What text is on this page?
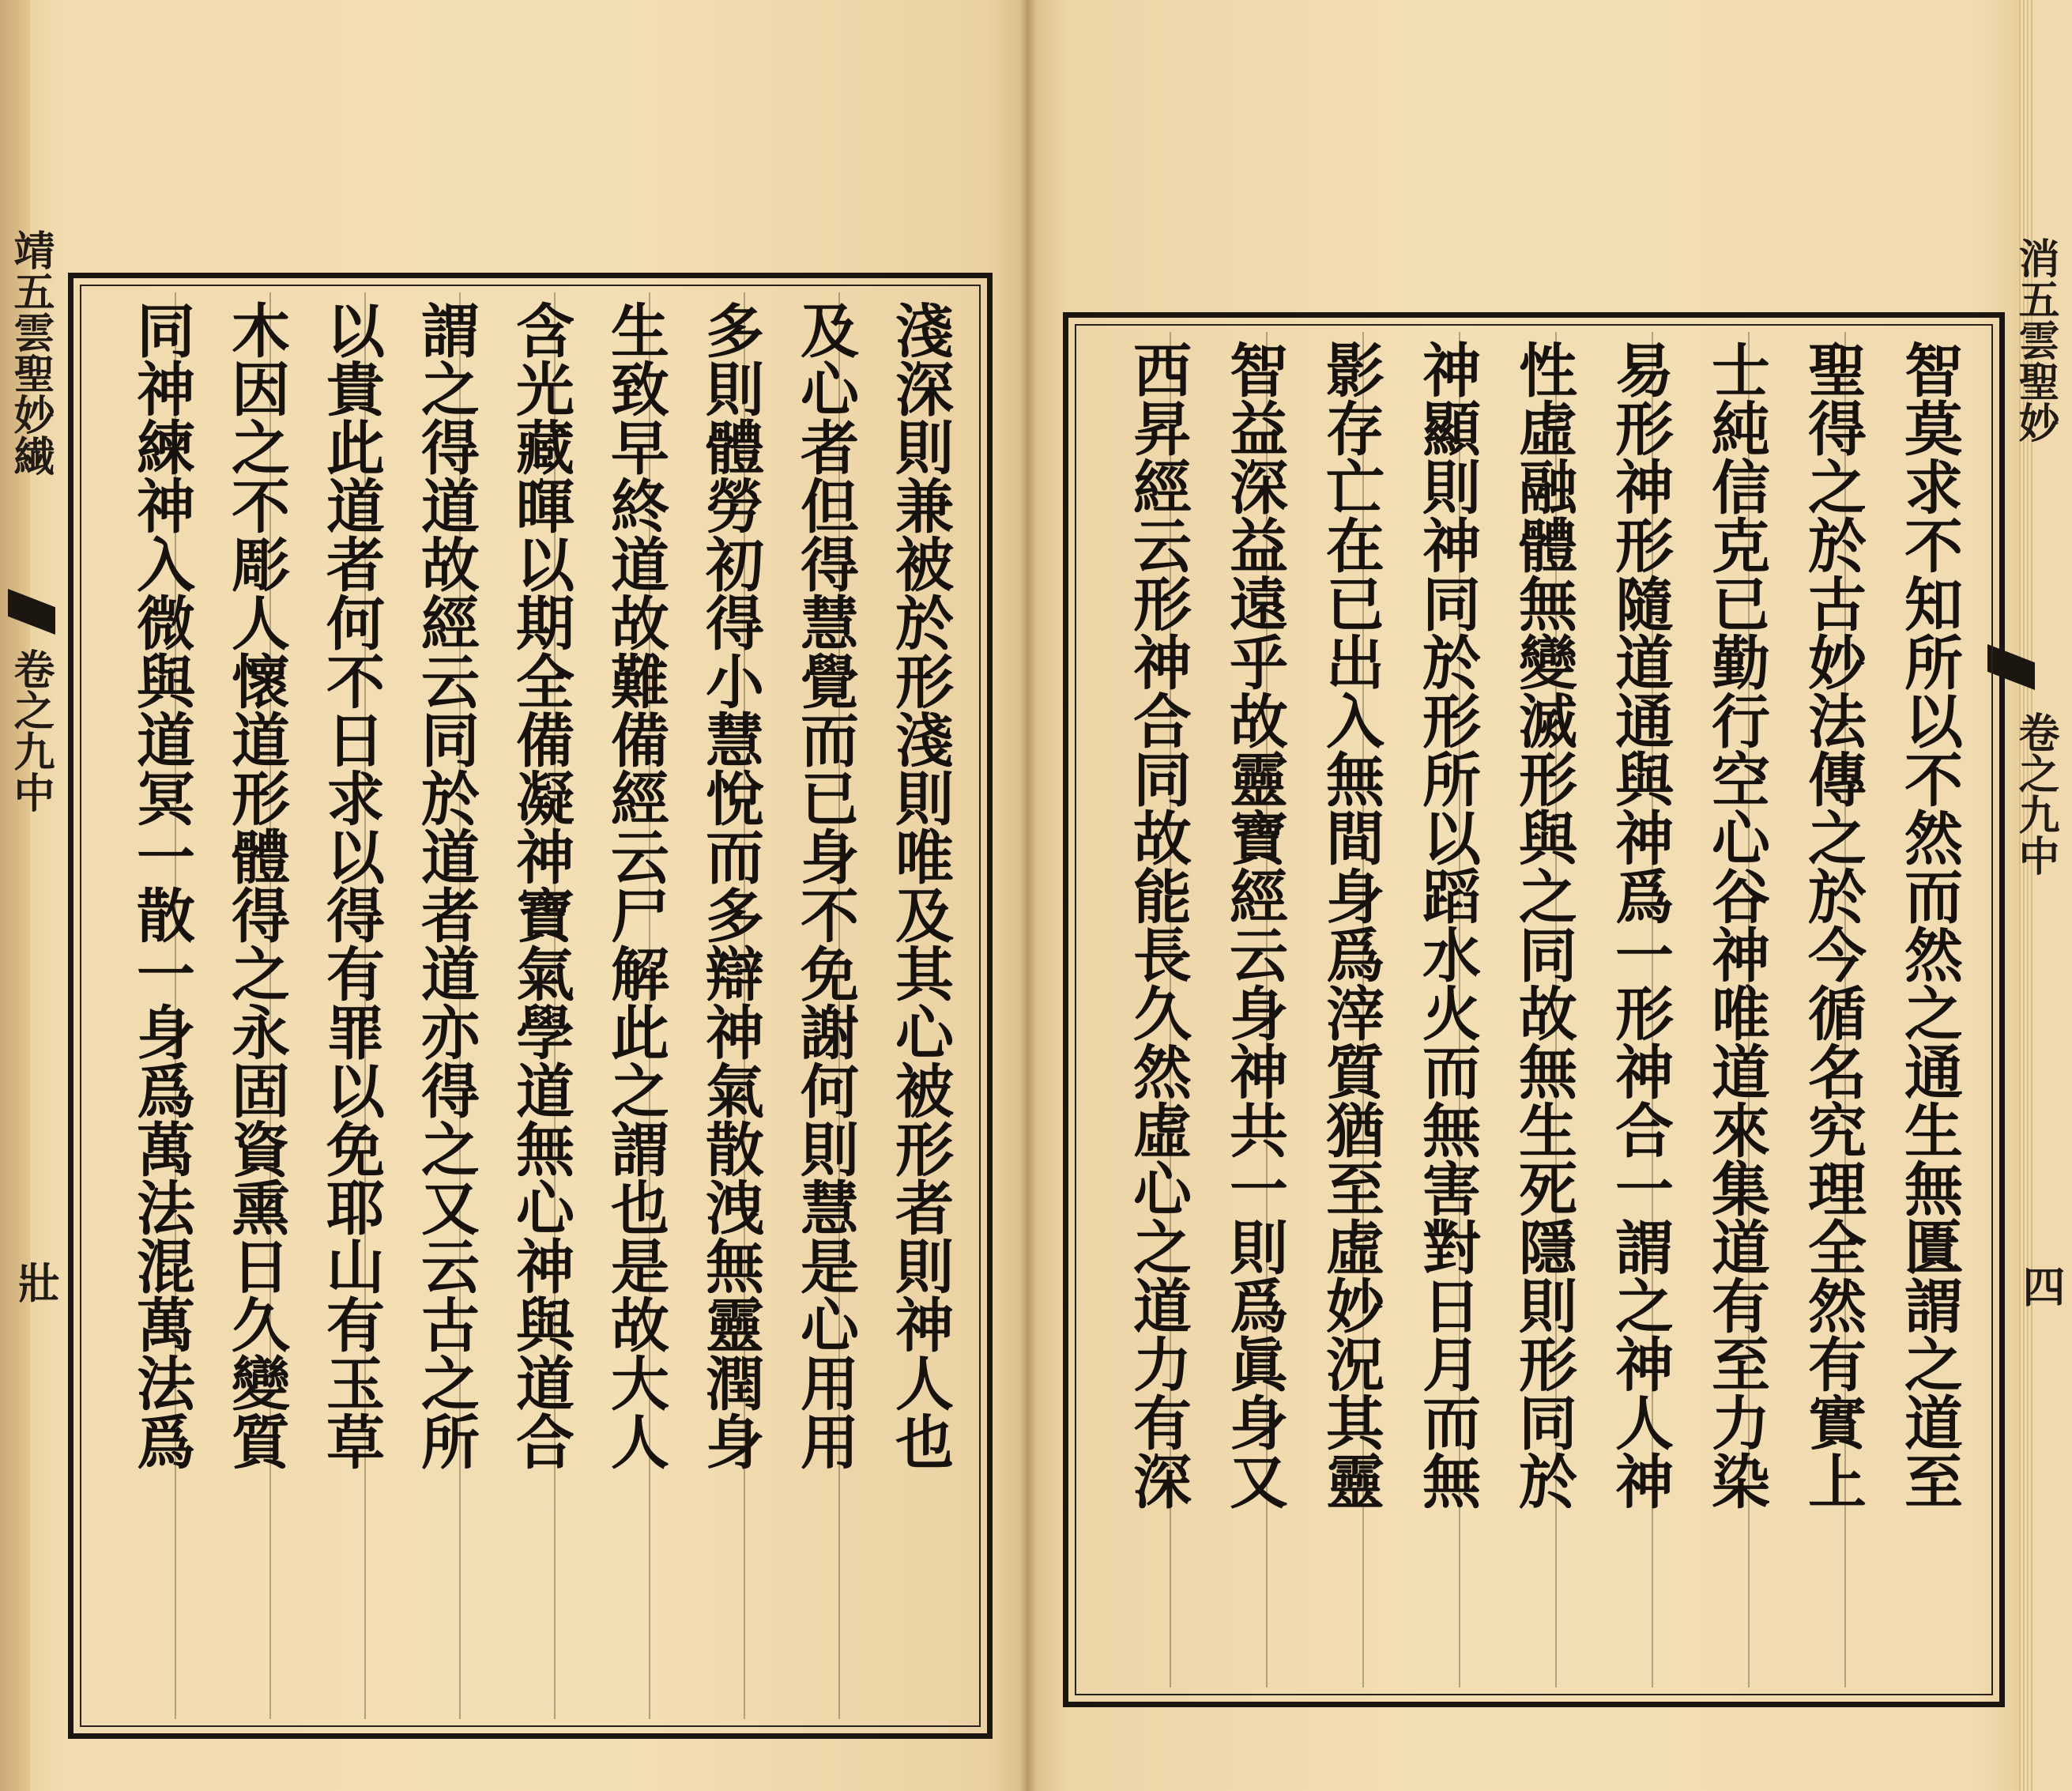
靖五雲聖妙繊
卷之九中
壯	淺深則兼被於形淺則唯及其心被形者則神人也
及心者但得慧覺而已身不免謝何則慧是心用用
多則體勞初得小慧悅而多辯神氣散洩無靈潤身
生致早終道故難備經云尸解此之謂也是故大人
含光藏暉以期全備凝神寶氣學道無心神與道合
謂之得道故經云同於道者道亦得之又云古之所
以貴此道者何不日求以得有罪以免耶山有玉草
木因之不彫人懷道形體得之永固資熏日久變質
同神練神入微與道冥一散一身爲萬法混萬法爲	消五雲聖妙
卷之九中
四
智莫求不知所以不然而然之通生無匱謂之道至
聖得之於古妙法傳之於今循名究理全然有實上
士純信克已勤行空心谷神唯道來集道有至力染
易形神形隨道通與神爲一形神合一謂之神人神
性虛融體無變滅形與之同故無生死隱則形同於
神顯則神同於形所以蹈水火而無害對日月而無
影存亡在已出入無間身爲滓質猶至虛妙況其靈
智益深益遠乎故靈寶經云身神共一則爲眞身又
西昇經云形神合同故能長久然虛心之道力有深
